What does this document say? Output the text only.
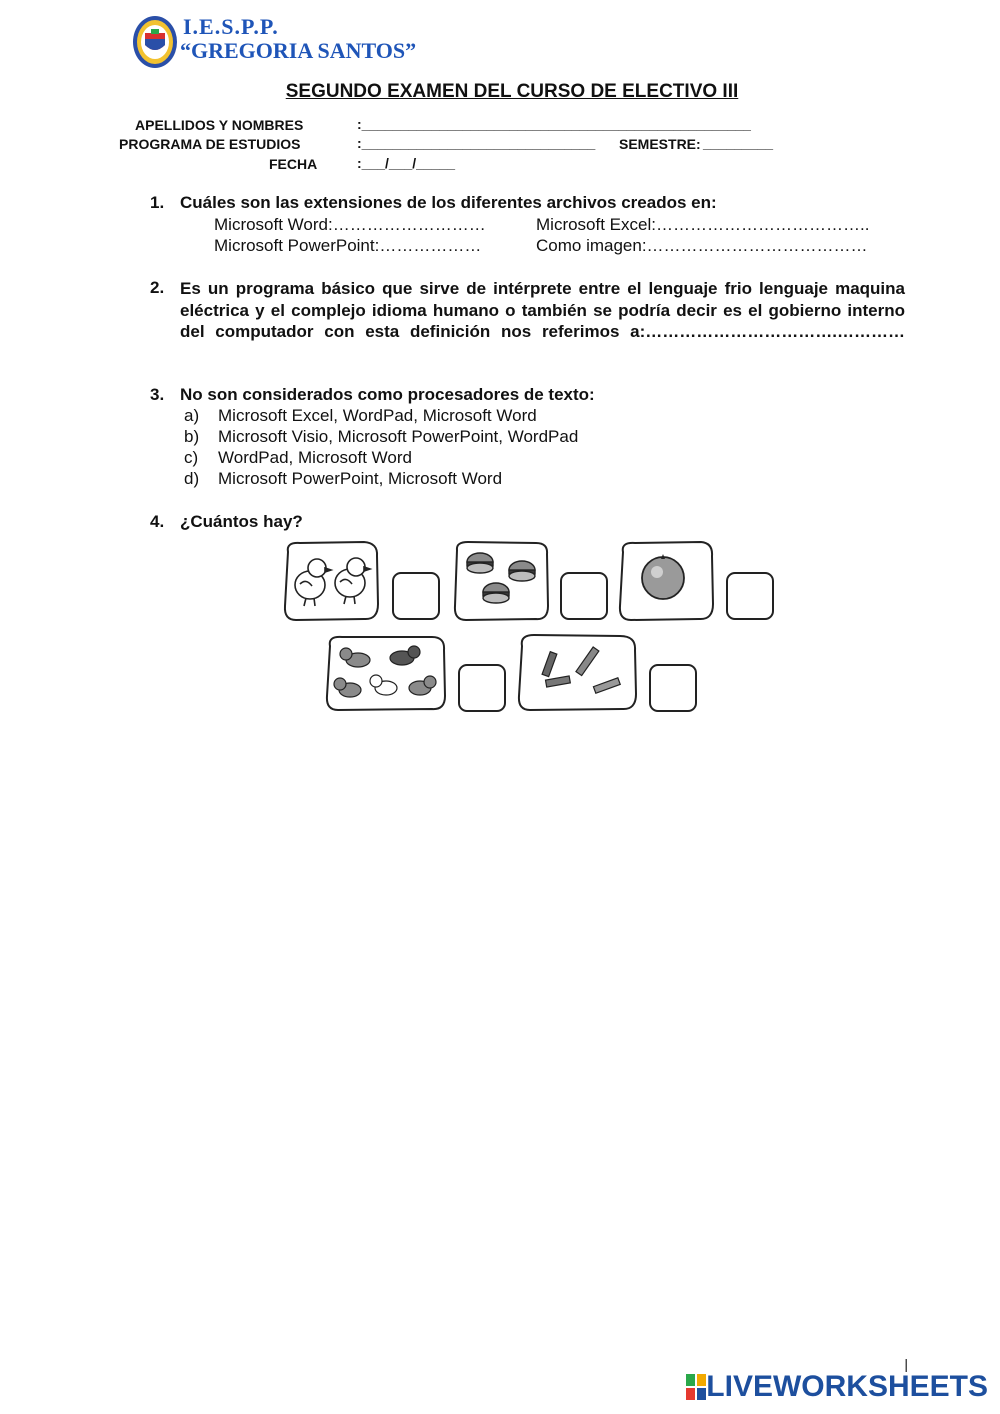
I.E.S.P.P.
“GREGORIA SANTOS”
SEGUNDO EXAMEN DEL CURSO DE ELECTIVO III
APELLIDOS Y NOMBRES	:__________________________________________________
PROGRAMA DE ESTUDIOS	:______________________________ SEMESTRE: _________
FECHA	:___/___/_____
1. Cuáles son las extensiones de los diferentes archivos creados en:
Microsoft Word:………………………	Microsoft Excel:………………………………..
Microsoft PowerPoint:………………	Como imagen:…………………………………
2. Es un programa básico que sirve de intérprete entre el lenguaje frio lenguaje maquina eléctrica y el complejo idioma humano o también se podría decir es el gobierno interno del computador con esta definición nos referimos a:…………………………….…………
3. No son considerados como procesadores de texto:
a) Microsoft Excel, WordPad, Microsoft Word
b) Microsoft Visio, Microsoft PowerPoint, WordPad
c)	WordPad, Microsoft Word
d) Microsoft PowerPoint, Microsoft Word
4. ¿Cuántos hay?
|
LIVEWORKSHEETS
